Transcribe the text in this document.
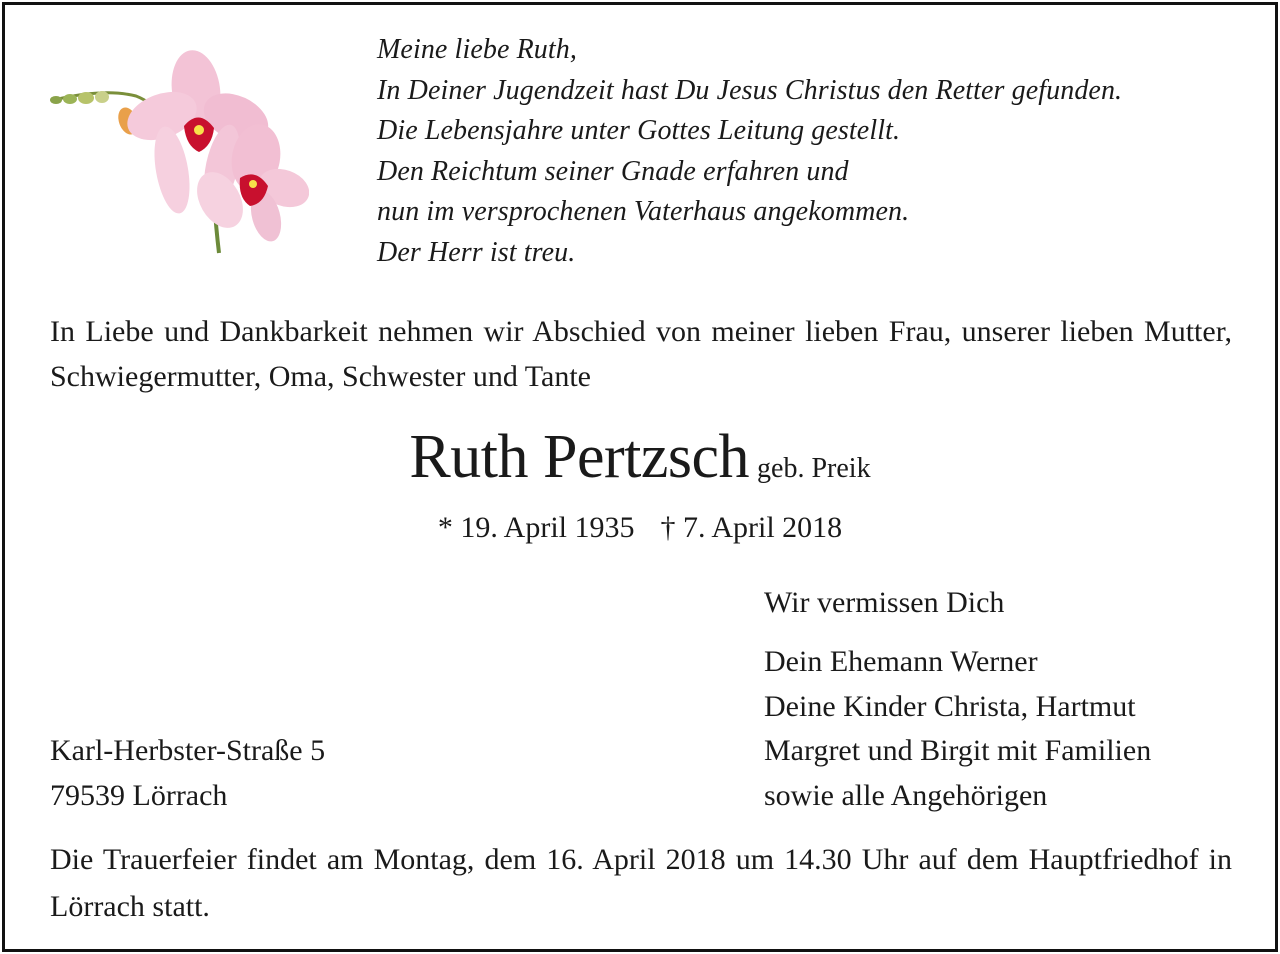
Meine liebe Ruth,
In Deiner Jugendzeit hast Du Jesus Christus den Retter gefunden.
Die Lebensjahre unter Gottes Leitung gestellt.
Den Reichtum seiner Gnade erfahren und
nun im versprochenen Vaterhaus angekommen.
Der Herr ist treu.
In Liebe und Dankbarkeit nehmen wir Abschied von meiner lieben Frau, unserer lieben Mutter, Schwiegermutter, Oma, Schwester und Tante
Ruth Pertzsch geb. Preik
* 19. April 1935 † 7. April 2018
Wir vermissen Dich
Dein Ehemann Werner
Deine Kinder Christa, Hartmut
Margret und Birgit mit Familien
sowie alle Angehörigen
Karl-Herbster-Straße 5
79539 Lörrach
Die Trauerfeier findet am Montag, dem 16. April 2018 um 14.30 Uhr auf dem Hauptfriedhof in Lörrach statt.
